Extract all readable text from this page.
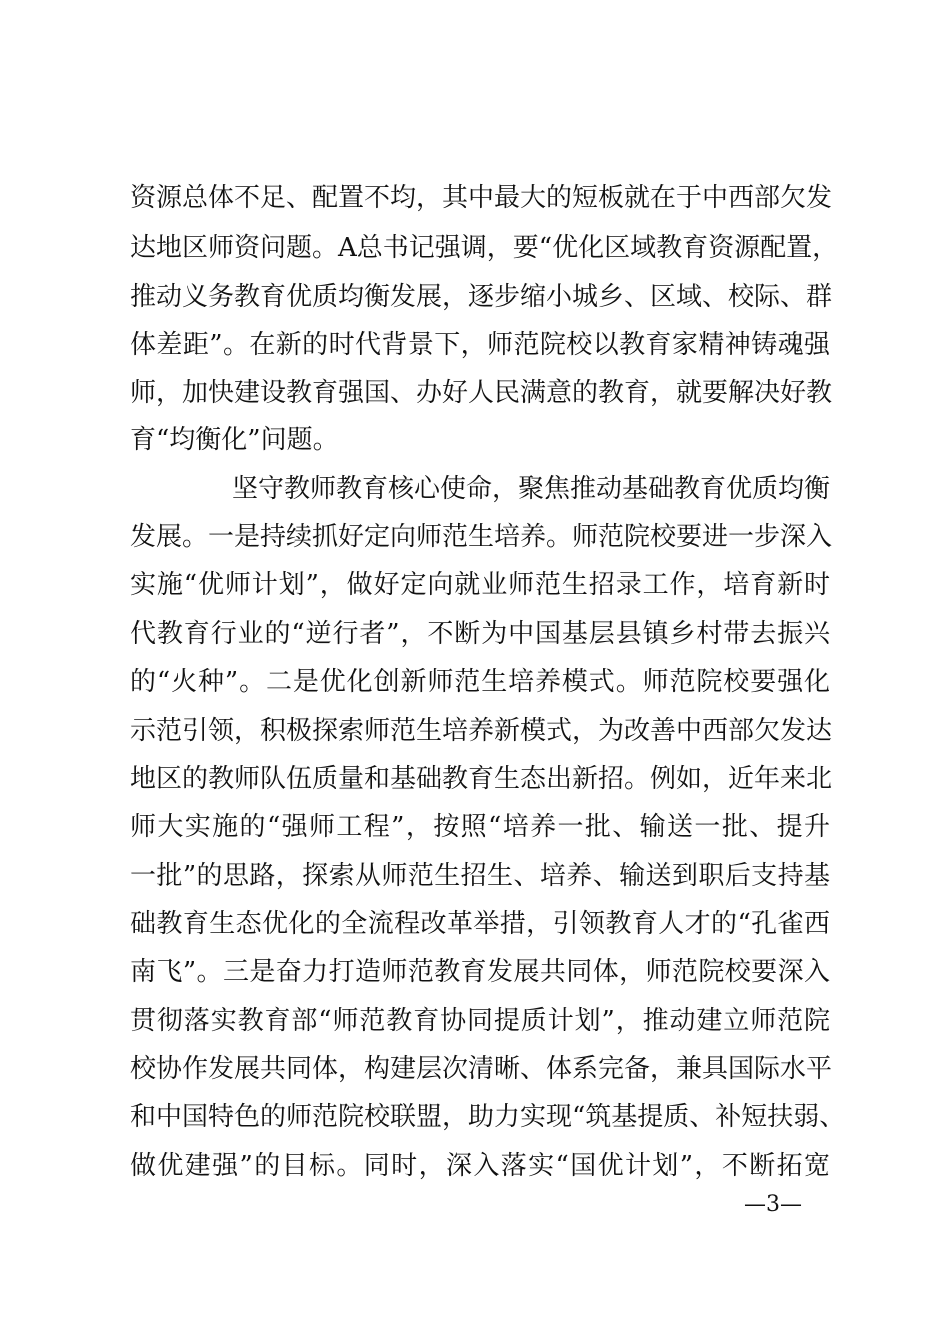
资源总体不足、配置不均，其中最大的短板就在于中西部欠发
达地区师资问题。A总书记强调，要“优化区域教育资源配置，
推动义务教育优质均衡发展，逐步缩小城乡、区域、校际、群
体差距”。在新的时代背景下，师范院校以教育家精神铸魂强
师，加快建设教育强国、办好人民满意的教育，就要解决好教
育“均衡化”问题。
坚守教师教育核心使命，聚焦推动基础教育优质均衡
发展。一是持续抓好定向师范生培养。师范院校要进一步深入
实施“优师计划”，做好定向就业师范生招录工作，培育新时
代教育行业的“逆行者”，不断为中国基层县镇乡村带去振兴
的“火种”。二是优化创新师范生培养模式。师范院校要强化
示范引领，积极探索师范生培养新模式，为改善中西部欠发达
地区的教师队伍质量和基础教育生态出新招。例如，近年来北
师大实施的“强师工程”，按照“培养一批、输送一批、提升
一批”的思路，探索从师范生招生、培养、输送到职后支持基
础教育生态优化的全流程改革举措，引领教育人才的“孔雀西
南飞”。三是奋力打造师范教育发展共同体，师范院校要深入
贯彻落实教育部“师范教育协同提质计划”，推动建立师范院
校协作发展共同体，构建层次清晰、体系完备，兼具国际水平
和中国特色的师范院校联盟，助力实现“筑基提质、补短扶弱、
做优建强”的目标。同时，深入落实“国优计划”，不断拓宽
—3—
